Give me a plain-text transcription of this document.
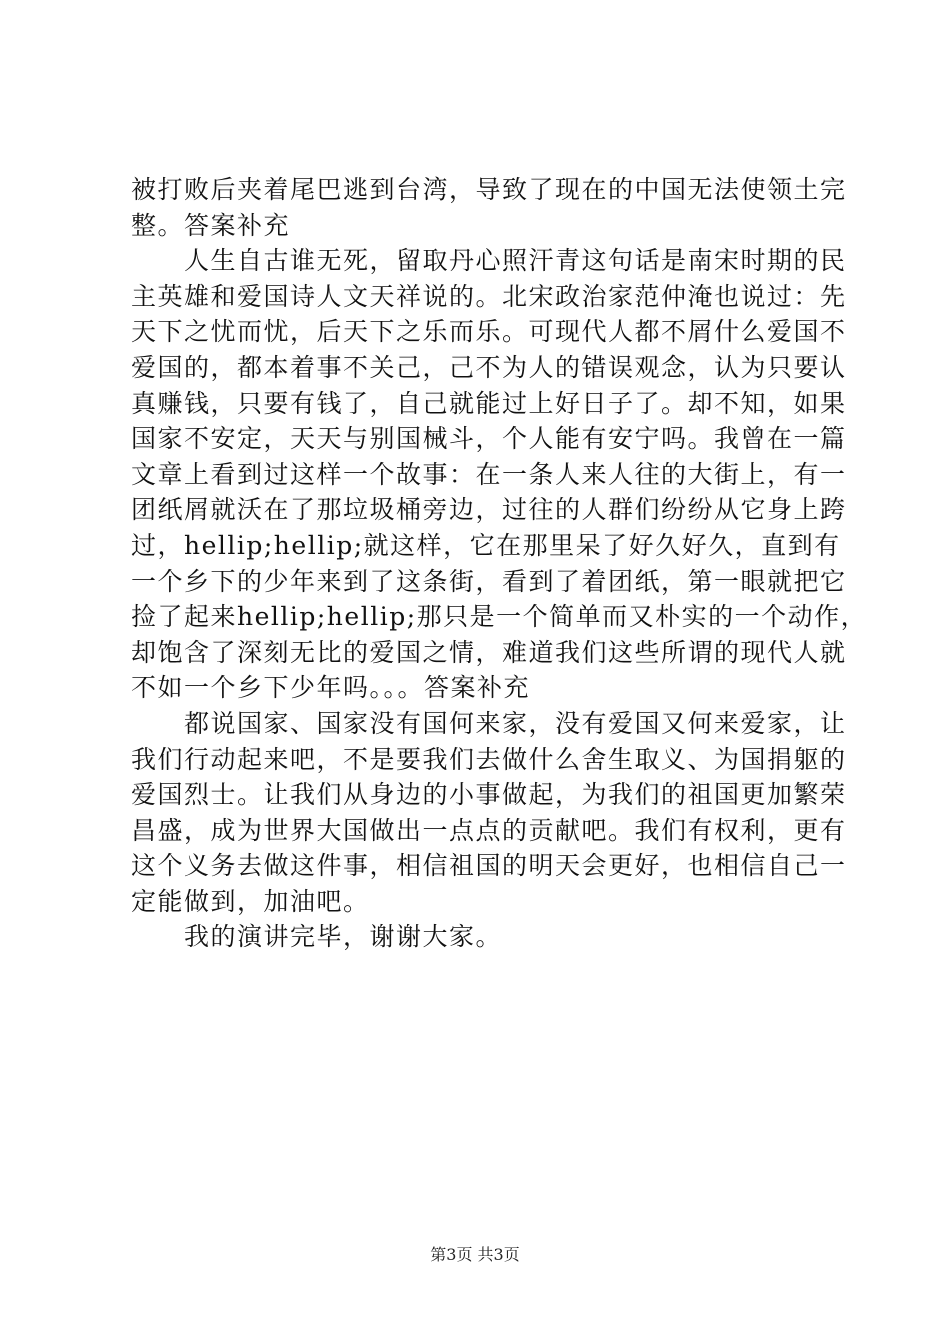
被打败后夹着尾巴逃到台湾，导致了现在的中国无法使领土完
整。答案补充
　　人生自古谁无死，留取丹心照汗青这句话是南宋时期的民
主英雄和爱国诗人文天祥说的。北宋政治家范仲淹也说过：先
天下之忧而忧，后天下之乐而乐。可现代人都不屑什么爱国不
爱国的，都本着事不关己，己不为人的错误观念，认为只要认
真赚钱，只要有钱了，自己就能过上好日子了。却不知，如果
国家不安定，天天与别国械斗，个人能有安宁吗。我曾在一篇
文章上看到过这样一个故事：在一条人来人往的大街上，有一
团纸屑就沃在了那垃圾桶旁边，过往的人群们纷纷从它身上跨
过，hellip;hellip;就这样，它在那里呆了好久好久，直到有
一个乡下的少年来到了这条街，看到了着团纸，第一眼就把它
捡了起来hellip;hellip;那只是一个简单而又朴实的一个动作，
却饱含了深刻无比的爱国之情，难道我们这些所谓的现代人就
不如一个乡下少年吗。。。答案补充
　　都说国家、国家没有国何来家，没有爱国又何来爱家，让
我们行动起来吧，不是要我们去做什么舍生取义、为国捐躯的
爱国烈士。让我们从身边的小事做起，为我们的祖国更加繁荣
昌盛，成为世界大国做出一点点的贡献吧。我们有权利，更有
这个义务去做这件事，相信祖国的明天会更好，也相信自己一
定能做到，加油吧。
　　我的演讲完毕，谢谢大家。
第3页 共3页
